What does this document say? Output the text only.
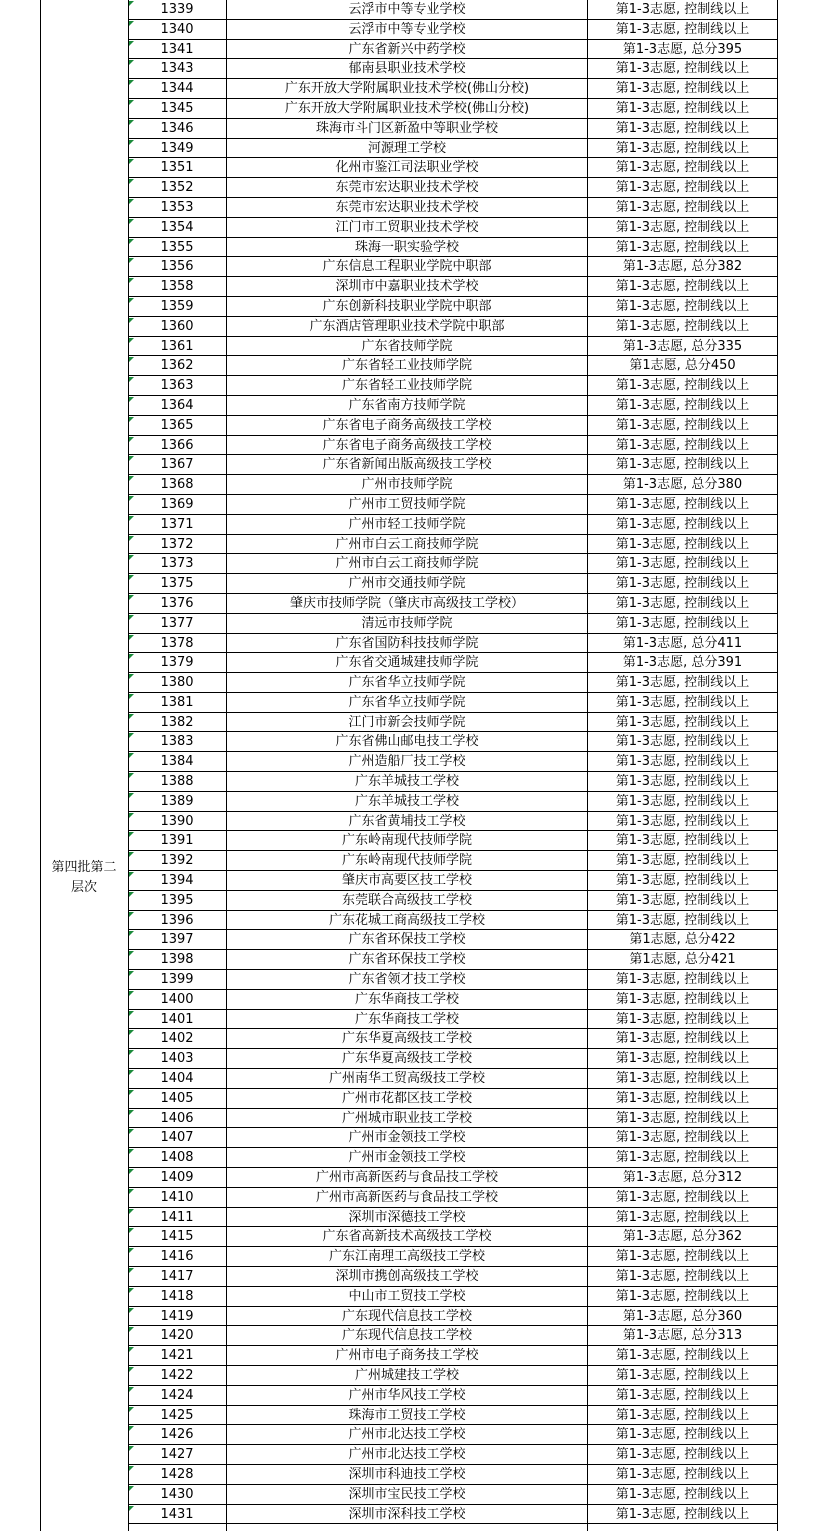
第四批第二
层次
1339	云浮市中等专业学校	第1-3志愿, 控制线以上
1340	云浮市中等专业学校	第1-3志愿, 控制线以上
1341	广东省新兴中药学校	第1-3志愿, 总分395
1343	郁南县职业技术学校	第1-3志愿, 控制线以上
1344	广东开放大学附属职业技术学校(佛山分校)	第1-3志愿, 控制线以上
1345	广东开放大学附属职业技术学校(佛山分校)	第1-3志愿, 控制线以上
1346	珠海市斗门区新盈中等职业学校	第1-3志愿, 控制线以上
1349	河源理工学校	第1-3志愿, 控制线以上
1351	化州市鉴江司法职业学校	第1-3志愿, 控制线以上
1352	东莞市宏达职业技术学校	第1-3志愿, 控制线以上
1353	东莞市宏达职业技术学校	第1-3志愿, 控制线以上
1354	江门市工贸职业技术学校	第1-3志愿, 控制线以上
1355	珠海一职实验学校	第1-3志愿, 控制线以上
1356	广东信息工程职业学院中职部	第1-3志愿, 总分382
1358	深圳市中嘉职业技术学校	第1-3志愿, 控制线以上
1359	广东创新科技职业学院中职部	第1-3志愿, 控制线以上
1360	广东酒店管理职业技术学院中职部	第1-3志愿, 控制线以上
1361	广东省技师学院	第1-3志愿, 总分335
1362	广东省轻工业技师学院	第1志愿, 总分450
1363	广东省轻工业技师学院	第1-3志愿, 控制线以上
1364	广东省南方技师学院	第1-3志愿, 控制线以上
1365	广东省电子商务高级技工学校	第1-3志愿, 控制线以上
1366	广东省电子商务高级技工学校	第1-3志愿, 控制线以上
1367	广东省新闻出版高级技工学校	第1-3志愿, 控制线以上
1368	广州市技师学院	第1-3志愿, 总分380
1369	广州市工贸技师学院	第1-3志愿, 控制线以上
1371	广州市轻工技师学院	第1-3志愿, 控制线以上
1372	广州市白云工商技师学院	第1-3志愿, 控制线以上
1373	广州市白云工商技师学院	第1-3志愿, 控制线以上
1375	广州市交通技师学院	第1-3志愿, 控制线以上
1376	肇庆市技师学院（肇庆市高级技工学校）	第1-3志愿, 控制线以上
1377	清远市技师学院	第1-3志愿, 控制线以上
1378	广东省国防科技技师学院	第1-3志愿, 总分411
1379	广东省交通城建技师学院	第1-3志愿, 总分391
1380	广东省华立技师学院	第1-3志愿, 控制线以上
1381	广东省华立技师学院	第1-3志愿, 控制线以上
1382	江门市新会技师学院	第1-3志愿, 控制线以上
1383	广东省佛山邮电技工学校	第1-3志愿, 控制线以上
1384	广州造船厂技工学校	第1-3志愿, 控制线以上
1388	广东羊城技工学校	第1-3志愿, 控制线以上
1389	广东羊城技工学校	第1-3志愿, 控制线以上
1390	广东省黄埔技工学校	第1-3志愿, 控制线以上
1391	广东岭南现代技师学院	第1-3志愿, 控制线以上
1392	广东岭南现代技师学院	第1-3志愿, 控制线以上
1394	肇庆市高要区技工学校	第1-3志愿, 控制线以上
1395	东莞联合高级技工学校	第1-3志愿, 控制线以上
1396	广东花城工商高级技工学校	第1-3志愿, 控制线以上
1397	广东省环保技工学校	第1志愿, 总分422
1398	广东省环保技工学校	第1志愿, 总分421
1399	广东省领才技工学校	第1-3志愿, 控制线以上
1400	广东华商技工学校	第1-3志愿, 控制线以上
1401	广东华商技工学校	第1-3志愿, 控制线以上
1402	广东华夏高级技工学校	第1-3志愿, 控制线以上
1403	广东华夏高级技工学校	第1-3志愿, 控制线以上
1404	广州南华工贸高级技工学校	第1-3志愿, 控制线以上
1405	广州市花都区技工学校	第1-3志愿, 控制线以上
1406	广州城市职业技工学校	第1-3志愿, 控制线以上
1407	广州市金领技工学校	第1-3志愿, 控制线以上
1408	广州市金领技工学校	第1-3志愿, 控制线以上
1409	广州市高新医药与食品技工学校	第1-3志愿, 总分312
1410	广州市高新医药与食品技工学校	第1-3志愿, 控制线以上
1411	深圳市深德技工学校	第1-3志愿, 控制线以上
1415	广东省高新技术高级技工学校	第1-3志愿, 总分362
1416	广东江南理工高级技工学校	第1-3志愿, 控制线以上
1417	深圳市携创高级技工学校	第1-3志愿, 控制线以上
1418	中山市工贸技工学校	第1-3志愿, 控制线以上
1419	广东现代信息技工学校	第1-3志愿, 总分360
1420	广东现代信息技工学校	第1-3志愿, 总分313
1421	广州市电子商务技工学校	第1-3志愿, 控制线以上
1422	广州城建技工学校	第1-3志愿, 控制线以上
1424	广州市华风技工学校	第1-3志愿, 控制线以上
1425	珠海市工贸技工学校	第1-3志愿, 控制线以上
1426	广州市北达技工学校	第1-3志愿, 控制线以上
1427	广州市北达技工学校	第1-3志愿, 控制线以上
1428	深圳市科迪技工学校	第1-3志愿, 控制线以上
1430	深圳市宝民技工学校	第1-3志愿, 控制线以上
1431	深圳市深科技工学校	第1-3志愿, 控制线以上
